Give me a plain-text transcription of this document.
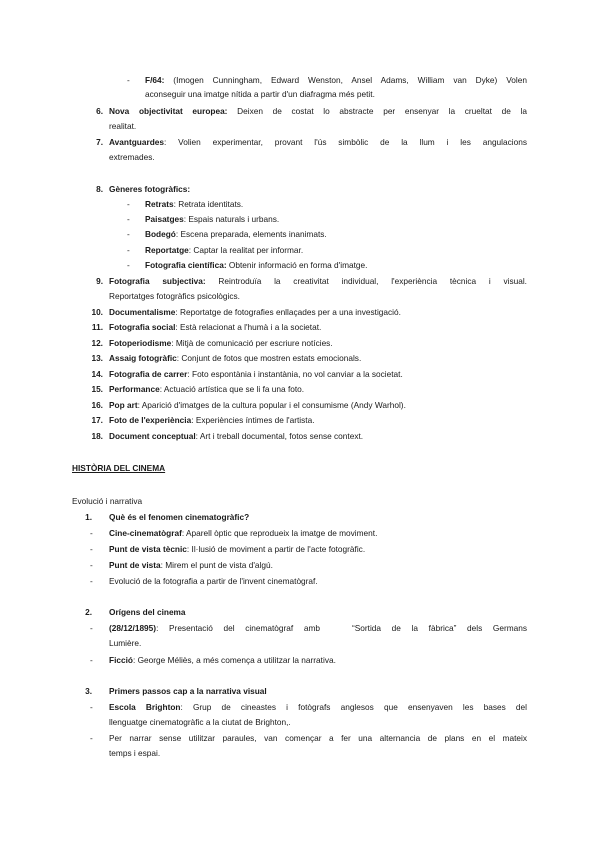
- F/64: (Imogen Cunningham, Edward Wenston, Ansel Adams, William van Dyke) Volen
aconseguir una imatge nítida a partir d'un diafragma més petit.
6. Nova objectivitat europea: Deixen de costat lo abstracte per ensenyar la crueltat de la
realitat.
7. Avantguardes: Volien experimentar, provant l'ús simbòlic de la llum i les angulacions
extremades.
8. Gèneres fotogràfics:
- Retrats: Retrata identitats.
- Paisatges: Espais naturals i urbans.
- Bodegó: Escena preparada, elements inanimats.
- Reportatge: Captar la realitat per informar.
- Fotografia científica: Obtenir informació en forma d'imatge.
9. Fotografia subjectiva: Reintroduïa la creativitat individual, l'experiència tècnica i visual.
Reportatges fotogràfics psicològics.
10. Documentalisme: Reportatge de fotografies enllaçades per a una investigació.
11. Fotografia social: Està relacionat a l'humà i a la societat.
12. Fotoperiodisme: Mitjà de comunicació per escriure notícies.
13. Assaig fotogràfic: Conjunt de fotos que mostren estats emocionals.
14. Fotografia de carrer: Foto espontània i instantània, no vol canviar a la societat.
15. Performance: Actuació artística que se li fa una foto.
16. Pop art: Aparició d'imatges de la cultura popular i el consumisme (Andy Warhol).
17. Foto de l'experiència: Experiències íntimes de l'artista.
18. Document conceptual: Art i treball documental, fotos sense context.
HISTÒRIA DEL CINEMA
Evolució i narrativa
1. Què és el fenomen cinematogràfic?
- Cine-cinematògraf: Aparell òptic que reprodueix la imatge de moviment.
- Punt de vista tècnic: Il·lusió de moviment a partir de l'acte fotogràfic.
- Punt de vista: Mirem el punt de vista d'algú.
- Evolució de la fotografia a partir de l'invent cinematògraf.
2. Orígens del cinema
- (28/12/1895): Presentació del cinematògraf amb   “Sortida de la fàbrica” dels Germans
Lumière.
- Ficció: George Méliès, a més comença a utilitzar la narrativa.
3. Primers passos cap a la narrativa visual
- Escola Brighton: Grup de cineastes i fotògrafs anglesos que ensenyaven les bases del
llenguatge cinematogràfic a la ciutat de Brighton,.
- Per narrar sense utilitzar paraules, van començar a fer una alternancia de plans en el mateix
temps i espai.
